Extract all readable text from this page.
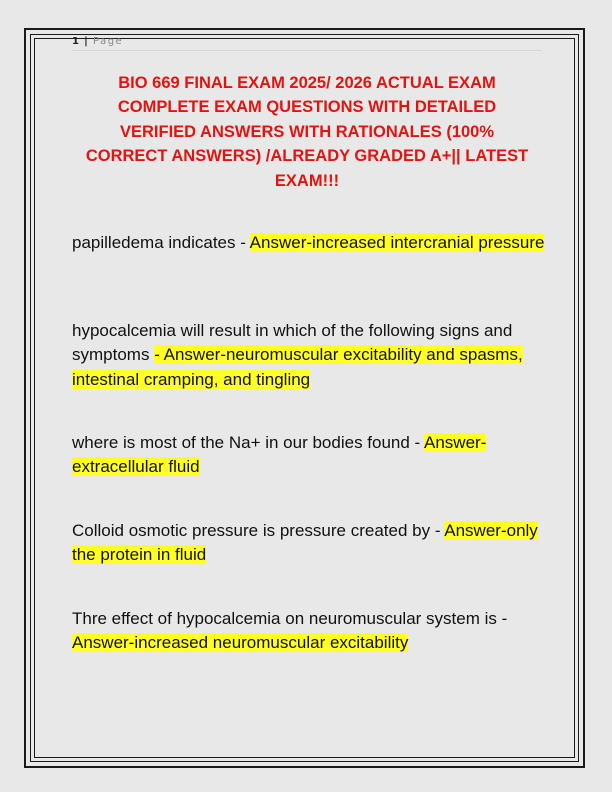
1 | Page
BIO 669 FINAL EXAM 2025/ 2026 ACTUAL EXAM COMPLETE EXAM QUESTIONS WITH DETAILED VERIFIED ANSWERS WITH RATIONALES (100% CORRECT ANSWERS) /ALREADY GRADED A+|| LATEST EXAM!!!
papilledema indicates - Answer-increased intercranial pressure
hypocalcemia will result in which of the following signs and symptoms - Answer-neuromuscular excitability and spasms, intestinal cramping, and tingling
where is most of the Na+ in our bodies found - Answer-extracellular fluid
Colloid osmotic pressure is pressure created by - Answer-only the protein in fluid
Thre effect of hypocalcemia on neuromuscular system is - Answer-increased neuromuscular excitability
